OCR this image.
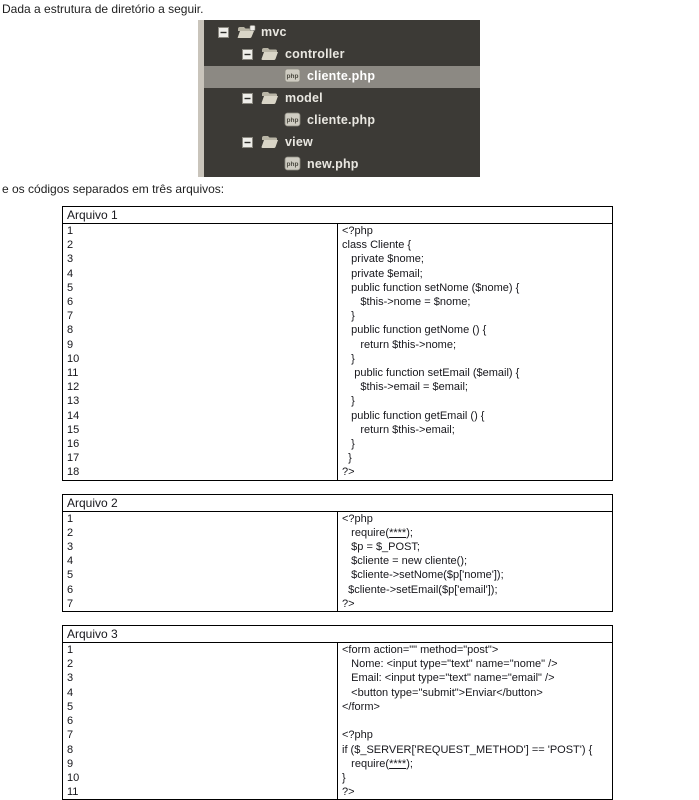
Dada a estrutura de diretório a seguir.

mvc
controller
php cliente.php
model
php cliente.php
view
php new.php

e os códigos separados em três arquivos:

Arquivo 1	
1	<?php
2	class Cliente {
3	private $nome;
4	private $email;
5	public function setNome ($nome) {
6	$this->nome = $nome;
7	}
8	public function getNome () {
9	return $this->nome;
10	}
11	public function setEmail ($email) {
12	$this->email = $email;
13	}
14	public function getEmail () {
15	return $this->email;
16	}
17	}
18	?>
Arquivo 2	
1	<?php
2	require(****);
3	$p = $_POST;
4	$cliente = new cliente();
5	$cliente->setNome($p['nome']);
6	$cliente->setEmail($p['email']);
7	?>
Arquivo 3	
1	<form action="" method="post">
2	Nome: <input type="text" name="nome" />
3	Email: <input type="text" name="email" />
4	<button type="submit">Enviar</button>
5	</form>
6	
7	<?php
8	if ($_SERVER['REQUEST_METHOD'] == 'POST') {
9	require(****);
10	}
11	?>
